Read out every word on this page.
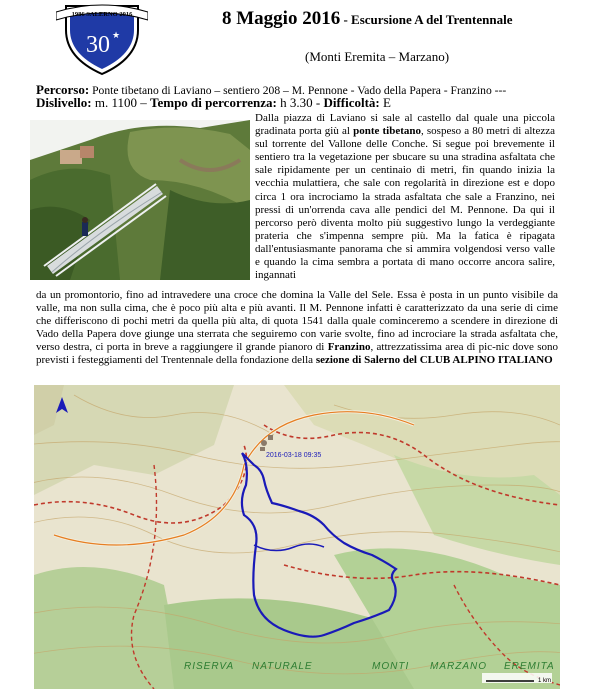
1986 SALERNO 2016
30 ★
8 Maggio 2016 - Escursione A del Trentennale
(Monti Eremita – Marzano)
Percorso: Ponte tibetano di Laviano – sentiero 208 – M. Pennone - Vado della Papera - Franzino ---
Dislivello: m. 1100 – Tempo di percorrenza: h 3.30 - Difficoltà: E

Dalla piazza di Laviano si sale al castello dal quale una piccola gradinata porta giù al ponte tibetano, sospeso a 80 metri di altezza sul torrente del Vallone delle Conche. Si segue poi brevemente il sentiero tra la vegetazione per sbucare su una stradina asfaltata che sale ripidamente per un centinaio di metri, fin quando inizia la vecchia mulattiera, che sale con regolarità in direzione est e dopo circa 1 ora incrociamo la strada asfaltata che sale a Franzino, nei pressi di un'orrenda cava alle pendici del M. Pennone. Da qui il percorso però diventa molto più suggestivo lungo la verdeggiante prateria che s'impenna sempre più. Ma la fatica è ripagata dall'entusiasmante panorama che si ammira volgendosi verso valle e quando la cima sembra a portata di mano occorre ancora salire, ingannati

da un promontorio, fino ad intravedere una croce che domina la Valle del Sele. Essa è posta in un punto visibile da valle, ma non sulla cima, che è poco più alta e più avanti. Il M. Pennone infatti è caratterizzato da una serie di cime che differiscono di pochi metri da quella più alta, di quota 1541 dalla quale cominceremo a scendere in direzione di Vado della Papera dove giunge una sterrata che seguiremo con varie svolte, fino ad incrociare la strada asfaltata che, verso destra, ci porta in breve a raggiungere il grande pianoro di Franzino, attrezzatissima area di pic-nic dove sono previsti i festeggiamenti del Trentennale della fondazione della sezione di Salerno del CLUB ALPINO ITALIANO

2016-03-18 09:35
RISERVA NATURALE	MONTI MARZANO EREMITA
1 km
